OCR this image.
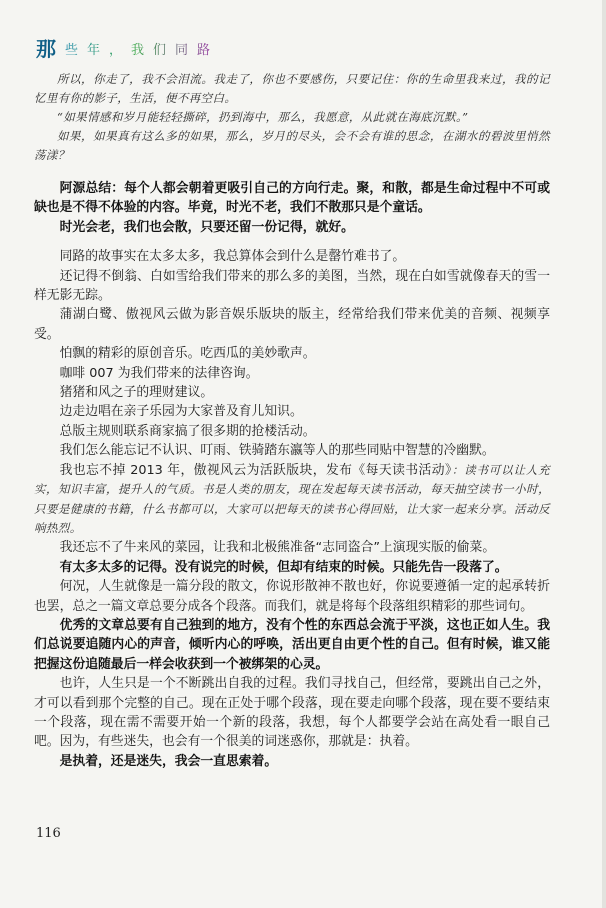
那 些年，我们同路

所以，你走了，我不会泪流。我走了，你也不要感伤，只要记住：你的生命里我来过，我的记忆里有你的影子，生活，便不再空白。

“如果情感和岁月能轻轻撕碎，扔到海中，那么，我愿意，从此就在海底沉默。”

如果，如果真有这么多的如果，那么，岁月的尽头，会不会有谁的思念，在湖水的碧波里悄然荡漾？

阿源总结：每个人都会朝着更吸引自己的方向行走。聚，和散，都是生命过程中不可或缺也是不得不体验的内容。毕竟，时光不老，我们不散那只是个童话。

时光会老，我们也会散，只要还留一份记得，就好。

同路的故事实在太多太多，我总算体会到什么是罄竹难书了。

还记得不倒翁、白如雪给我们带来的那么多的美图，当然，现在白如雪就像春天的雪一样无影无踪。

蒲湖白鹭、傲视风云做为影音娱乐版块的版主，经常给我们带来优美的音频、视频享受。

怕飘的精彩的原创音乐。吃西瓜的美妙歌声。

咖啡 007 为我们带来的法律咨询。

猪猪和风之子的理财建议。

边走边唱在亲子乐园为大家普及育儿知识。

总版主规则联系商家搞了很多期的抢楼活动。

我们怎么能忘记不认识、叮雨、铁骑踏东瀛等人的那些同贴中智慧的冷幽默。

我也忘不掉 2013 年，傲视风云为活跃版块，发布《每天读书活动》：读书可以让人充实，知识丰富，提升人的气质。书是人类的朋友，现在发起每天读书活动，每天抽空读书一小时，只要是健康的书籍，什么书都可以，大家可以把每天的读书心得回贴，让大家一起来分享。活动反响热烈。

我还忘不了牛来风的菜园，让我和北极熊准备“志同盗合”上演现实版的偷菜。

有太多太多的记得。没有说完的时候，但却有结束的时候。只能先告一段落了。

何况，人生就像是一篇分段的散文，你说形散神不散也好，你说要遵循一定的起承转折也罢，总之一篇文章总要分成各个段落。而我们，就是将每个段落组织精彩的那些词句。

优秀的文章总要有自己独到的地方，没有个性的东西总会流于平淡，这也正如人生。我们总说要追随内心的声音，倾听内心的呼唤，活出更自由更个性的自己。但有时候，谁又能把握这份追随最后一样会收获到一个被绑架的心灵。

也许，人生只是一个不断跳出自我的过程。我们寻找自己，但经常，要跳出自己之外，才可以看到那个完整的自己。现在正处于哪个段落，现在要走向哪个段落，现在要不要结束一个段落，现在需不需要开始一个新的段落，我想，每个人都要学会站在高处看一眼自己吧。因为，有些迷失，也会有一个很美的词迷惑你，那就是：执着。

是执着，还是迷失，我会一直思索着。

116
